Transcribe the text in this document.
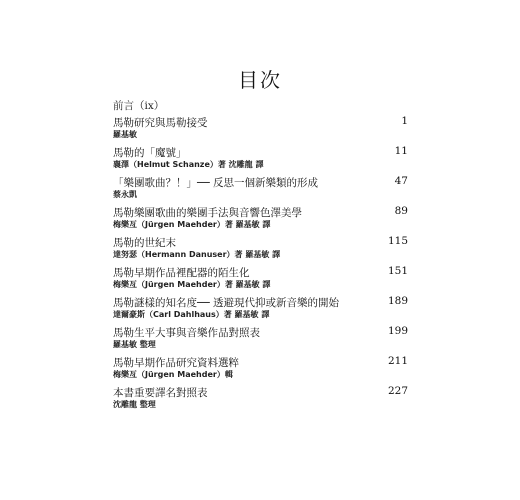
目次
前言（ix）
馬勒研究與馬勒接受	1
羅基敏
馬勒的「魔號」	11
襄澤（Helmut Schanze）著 沈雕龍 譯
「樂團歌曲？！」── 反思一個新樂類的形成	47
蔡永凱
馬勒樂團歌曲的樂團手法與音響色澤美學	89
梅樂亙（Jürgen Maehder）著 羅基敏 譯
馬勒的世紀末	115
達努瑟（Hermann Danuser）著 羅基敏 譯
馬勒早期作品裡配器的陌生化	151
梅樂亙（Jürgen Maehder）著 羅基敏 譯
馬勒謎樣的知名度── 透避現代抑或新音樂的開始	189
達爾豪斯（Carl Dahlhaus）著 羅基敏 譯
馬勒生平大事與音樂作品對照表	199
羅基敏 整理
馬勒早期作品研究資料選粹	211
梅樂亙（Jürgen Maehder）輯
本書重要譯名對照表	227
沈雕龍 整理
